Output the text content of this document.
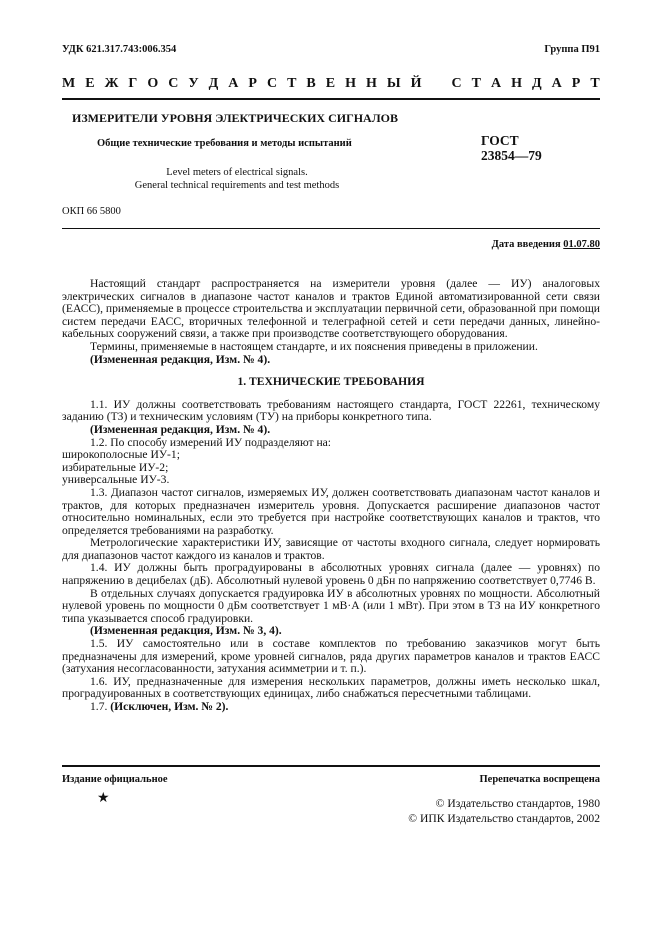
УДК 621.317.743:006.354	Группа П91
М Е Ж Г О С У Д А Р С Т В Е Н Н Ы Й С Т А Н Д А Р Т
ИЗМЕРИТЕЛИ УРОВНЯ ЭЛЕКТРИЧЕСКИХ СИГНАЛОВ
Общие технические требования и методы испытаний
Level meters of electrical signals.
General technical requirements and test methods
ГОСТ
23854—79
ОКП 66 5800
Дата введения 01.07.80

Настоящий стандарт распространяется на измерители уровня (далее — ИУ) аналоговых электрических сигналов в диапазоне частот каналов и трактов Единой автоматизированной сети связи (ЕАСС), применяемые в процессе строительства и эксплуатации первичной сети, образованной при помощи систем передачи ЕАСС, вторичных телефонной и телеграфной сетей и сети передачи данных, линейно-кабельных сооружений связи, а также при производстве соответствующего оборудования.

Термины, применяемые в настоящем стандарте, и их пояснения приведены в приложении.

(Измененная редакция, Изм. № 4).

1. ТЕХНИЧЕСКИЕ ТРЕБОВАНИЯ

1.1. ИУ должны соответствовать требованиям настоящего стандарта, ГОСТ 22261, техническому заданию (ТЗ) и техническим условиям (ТУ) на приборы конкретного типа.

(Измененная редакция, Изм. № 4).

1.2. По способу измерений ИУ подразделяют на:

широкополосные ИУ-1;

избирательные ИУ-2;

универсальные ИУ-3.

1.3. Диапазон частот сигналов, измеряемых ИУ, должен соответствовать диапазонам частот каналов и трактов, для которых предназначен измеритель уровня. Допускается расширение диапазонов частот относительно номинальных, если это требуется при настройке соответствующих каналов и трактов, что определяется требованиями на разработку.

Метрологические характеристики ИУ, зависящие от частоты входного сигнала, следует нормировать для диапазонов частот каждого из каналов и трактов.

1.4. ИУ должны быть проградуированы в абсолютных уровнях сигнала (далее — уровнях) по напряжению в децибелах (дБ). Абсолютный нулевой уровень 0 дБн по напряжению соответствует 0,7746 В.

В отдельных случаях допускается градуировка ИУ в абсолютных уровнях по мощности. Абсолютный нулевой уровень по мощности 0 дБм соответствует 1 мВ·А (или 1 мВт). При этом в ТЗ на ИУ конкретного типа указывается способ градуировки.

(Измененная редакция, Изм. № 3, 4).

1.5. ИУ самостоятельно или в составе комплектов по требованию заказчиков могут быть предназначены для измерений, кроме уровней сигналов, ряда других параметров каналов и трактов ЕАСС (затухания несогласованности, затухания асимметрии и т. п.).

1.6. ИУ, предназначенные для измерения нескольких параметров, должны иметь несколько шкал, проградуированных в соответствующих единицах, либо снабжаться пересчетными таблицами.

1.7. (Исключен, Изм. № 2).

Издание официальное	Перепечатка воспрещена
★	© Издательство стандартов, 1980
© ИПК Издательство стандартов, 2002
